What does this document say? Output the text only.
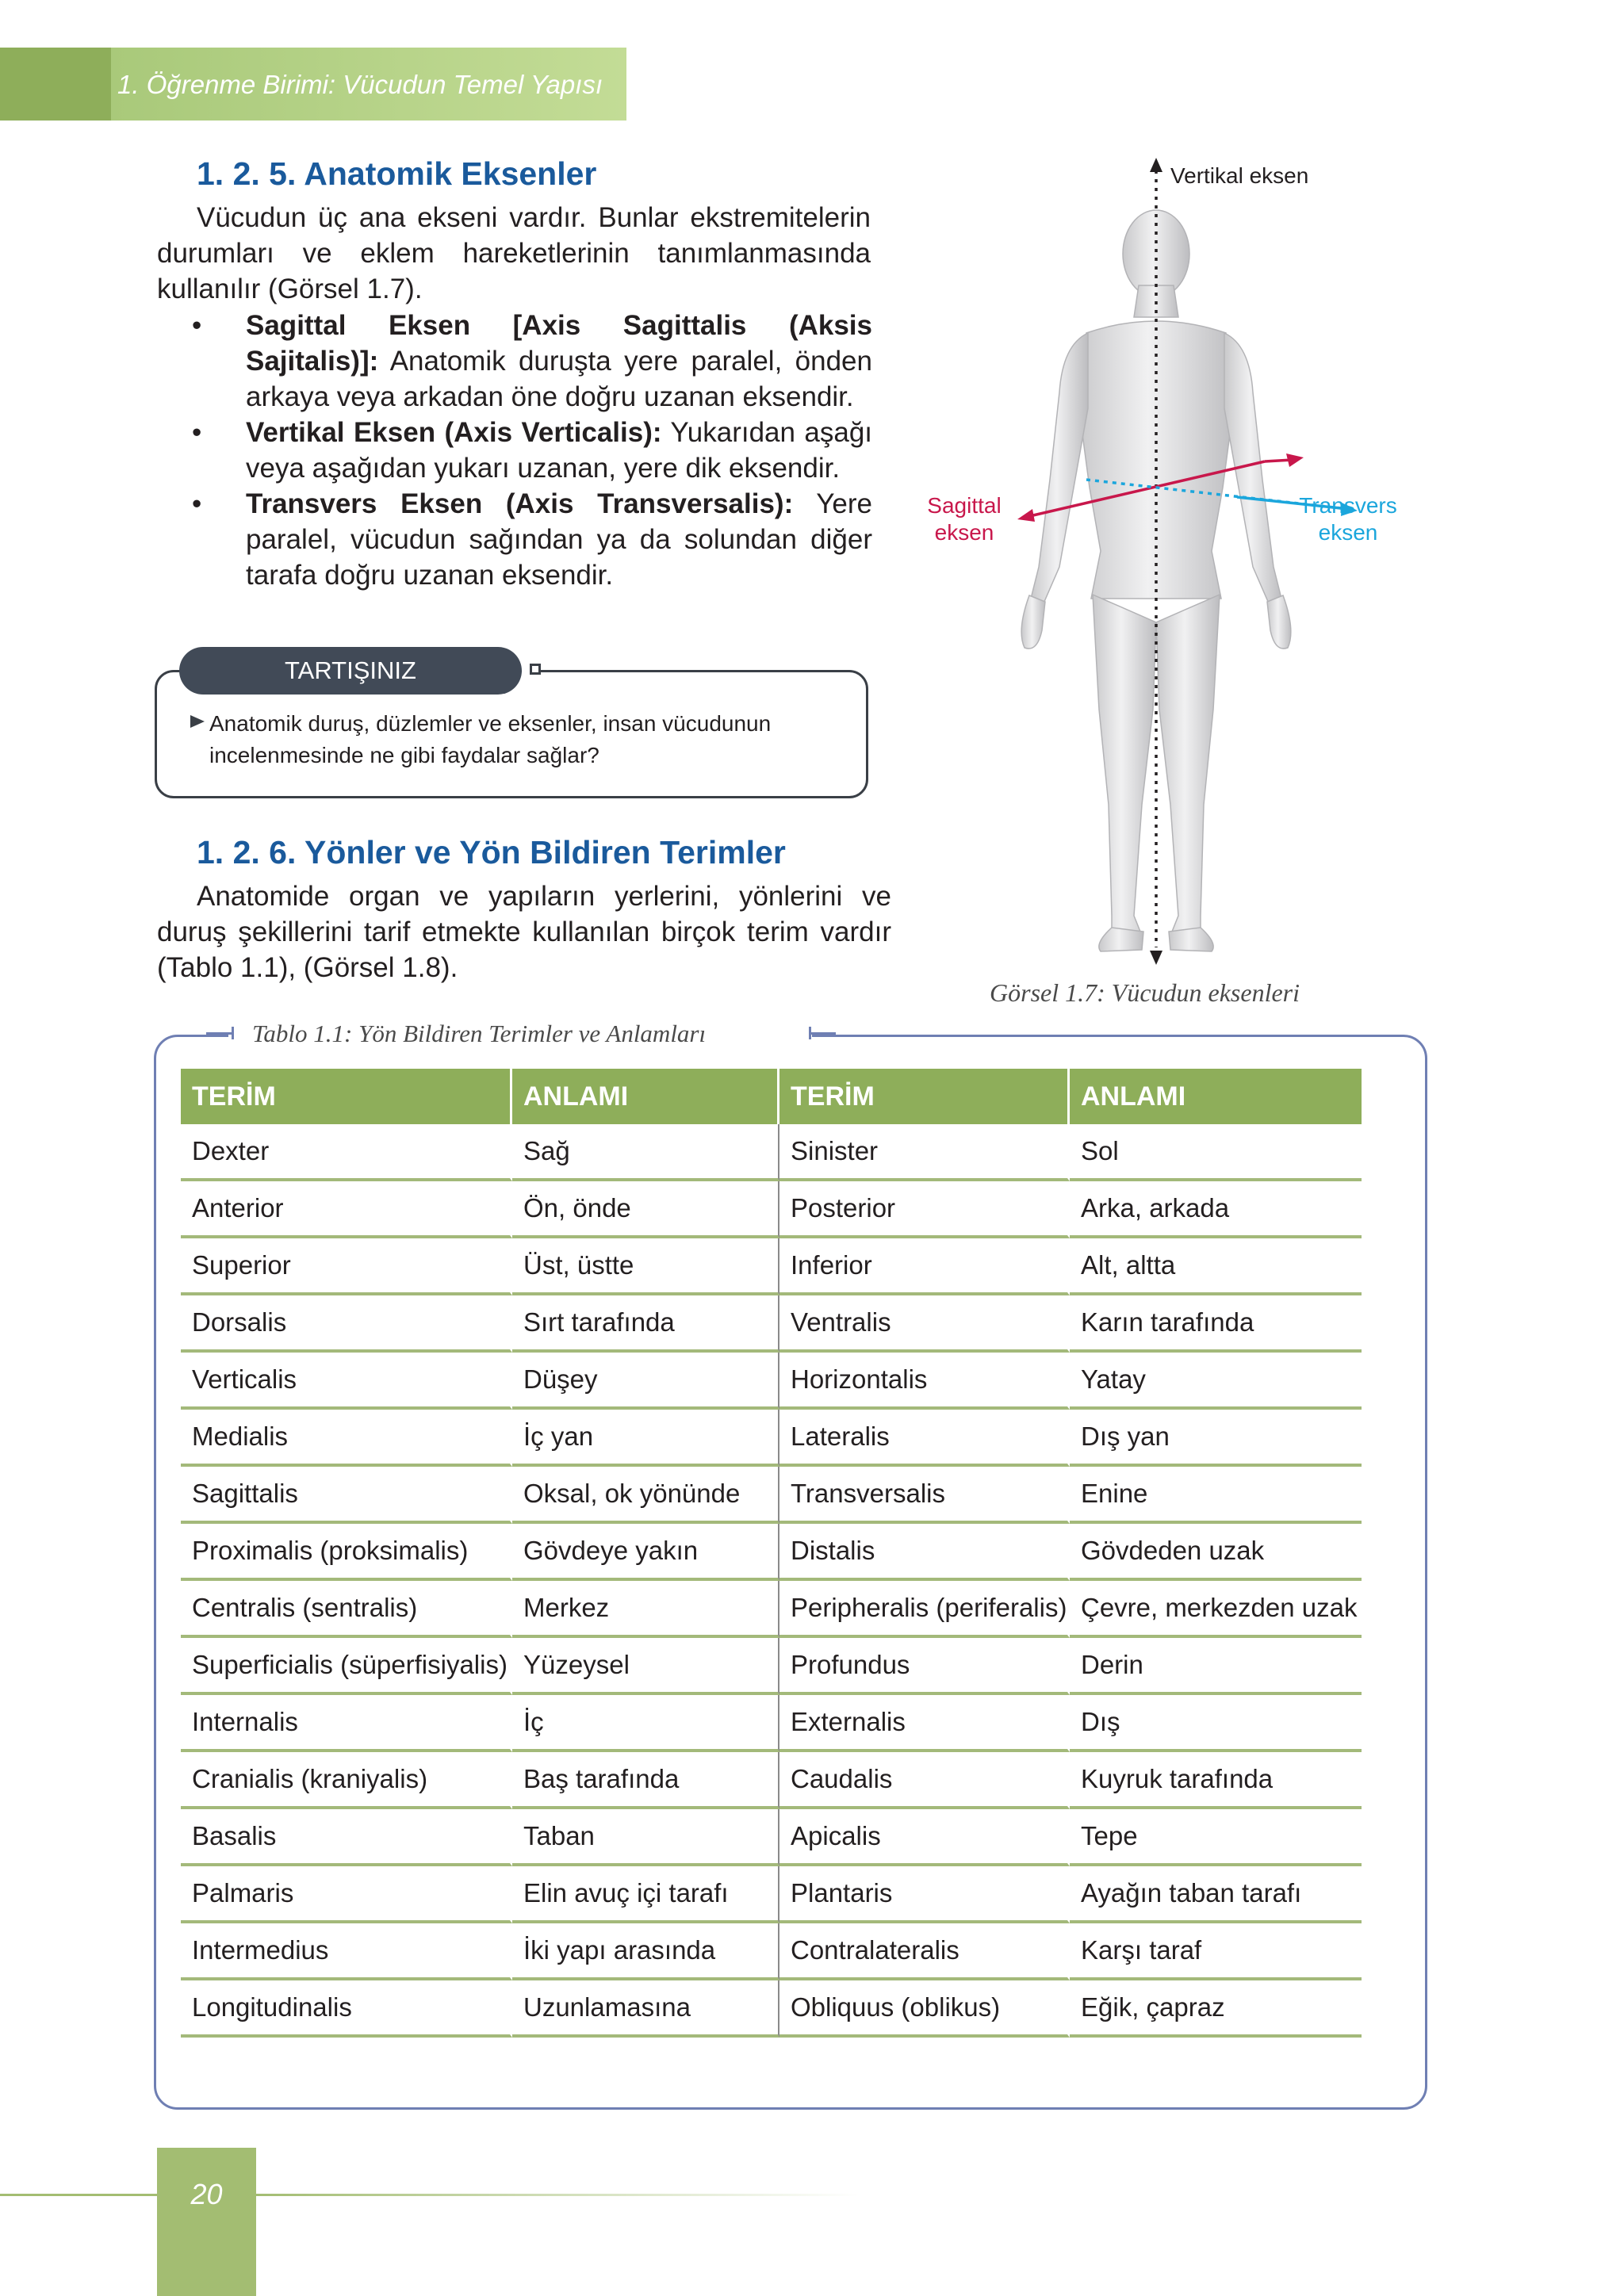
1. Öğrenme Birimi: Vücudun Temel Yapısı
1. 2. 5. Anatomik Eksenler

Vücudun üç ana ekseni vardır. Bunlar ekstremitelerin durumları ve eklem hareketlerinin tanımlanmasında kullanılır (Görsel 1.7).

• Sagittal Eksen [Axis Sagittalis (Aksis Sajitalis)]: Anatomik duruşta yere paralel, önden arkaya veya arkadan öne doğru uzanan eksendir.
• Vertikal Eksen (Axis Verticalis): Yukarıdan aşağı veya aşağıdan yukarı uzanan, yere dik eksendir.
• Transvers Eksen (Axis Transversalis): Yere paralel, vücudun sağından ya da solundan diğer tarafa doğru uzanan eksendir.
TARTIŞINIZ
Anatomik duruş, düzlemler ve eksenler, insan vücudunun incelenmesinde ne gibi faydalar sağlar?
1. 2. 6. Yönler ve Yön Bildiren Terimler

Anatomide organ ve yapıların yerlerini, yönlerini ve duruş şekillerini tarif etmekte kullanılan birçok terim vardır (Tablo 1.1), (Görsel 1.8).

Vertikal eksen
Sagittal
eksen
Transvers
eksen
Görsel 1.7: Vücudun eksenleri
Tablo 1.1: Yön Bildiren Terimler ve Anlamları
TERİM	ANLAMI	TERİM	ANLAMI
Dexter	Sağ	Sinister	Sol
Anterior	Ön, önde	Posterior	Arka, arkada
Superior	Üst, üstte	Inferior	Alt, altta
Dorsalis	Sırt tarafında	Ventralis	Karın tarafında
Verticalis	Düşey	Horizontalis	Yatay
Medialis	İç yan	Lateralis	Dış yan
Sagittalis	Oksal, ok yönünde	Transversalis	Enine
Proximalis (proksimalis)	Gövdeye yakın	Distalis	Gövdeden uzak
Centralis (sentralis)	Merkez	Peripheralis (periferalis)	Çevre, merkezden uzak
Superficialis (süperfisiyalis)	Yüzeysel	Profundus	Derin
Internalis	İç	Externalis	Dış
Cranialis (kraniyalis)	Baş tarafında	Caudalis	Kuyruk tarafında
Basalis	Taban	Apicalis	Tepe
Palmaris	Elin avuç içi tarafı	Plantaris	Ayağın taban tarafı
Intermedius	İki yapı arasında	Contralateralis	Karşı taraf
Longitudinalis	Uzunlamasına	Obliquus (oblikus)	Eğik, çapraz
20
